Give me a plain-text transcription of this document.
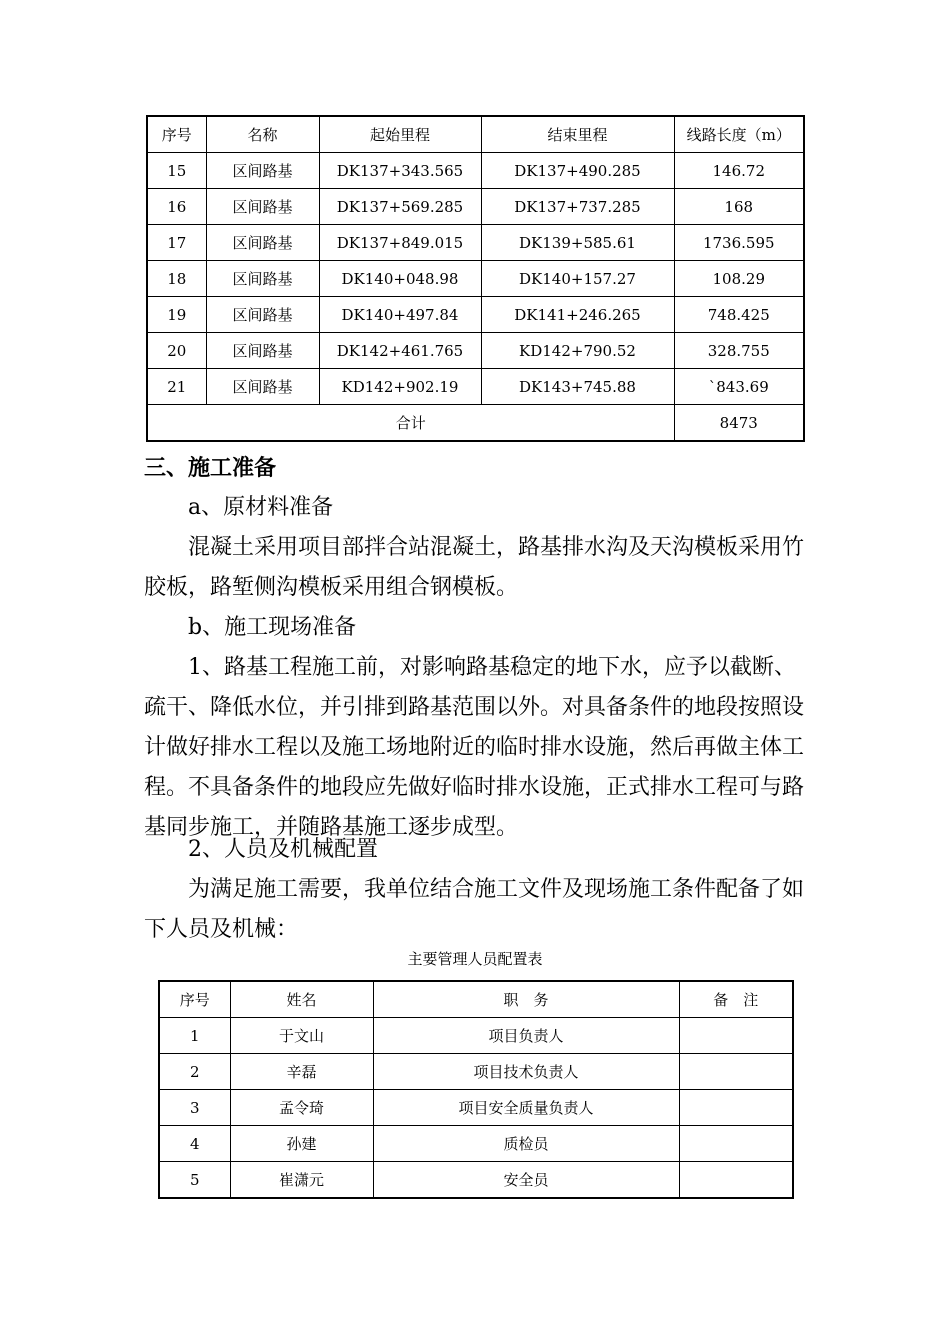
序号	名称	起始里程	结束里程	线路长度（m）
15	区间路基	DK137+343.565	DK137+490.285	146.72
16	区间路基	DK137+569.285	DK137+737.285	168
17	区间路基	DK137+849.015	DK139+585.61	1736.595
18	区间路基	DK140+048.98	DK140+157.27	108.29
19	区间路基	DK140+497.84	DK141+246.265	748.425
20	区间路基	DK142+461.765	KD142+790.52	328.755
21	区间路基	KD142+902.19	DK143+745.88	`843.69
合计				8473
三、施工准备
a、原材料准备

混凝土采用项目部拌合站混凝土，路基排水沟及天沟模板采用竹胶板，路堑侧沟模板采用组合钢模板。

b、施工现场准备

1、路基工程施工前，对影响路基稳定的地下水，应予以截断、疏干、降低水位，并引排到路基范围以外。对具备条件的地段按照设计做好排水工程以及施工场地附近的临时排水设施，然后再做主体工程。不具备条件的地段应先做好临时排水设施，正式排水工程可与路基同步施工，并随路基施工逐步成型。

2、人员及机械配置

为满足施工需要，我单位结合施工文件及现场施工条件配备了如下人员及机械：

主要管理人员配置表
序号	姓名	职　务	备　注
1	于文山	项目负责人	
2	辛磊	项目技术负责人	
3	孟令琦	项目安全质量负责人	
4	孙建	质检员	
5	崔潇元	安全员	
